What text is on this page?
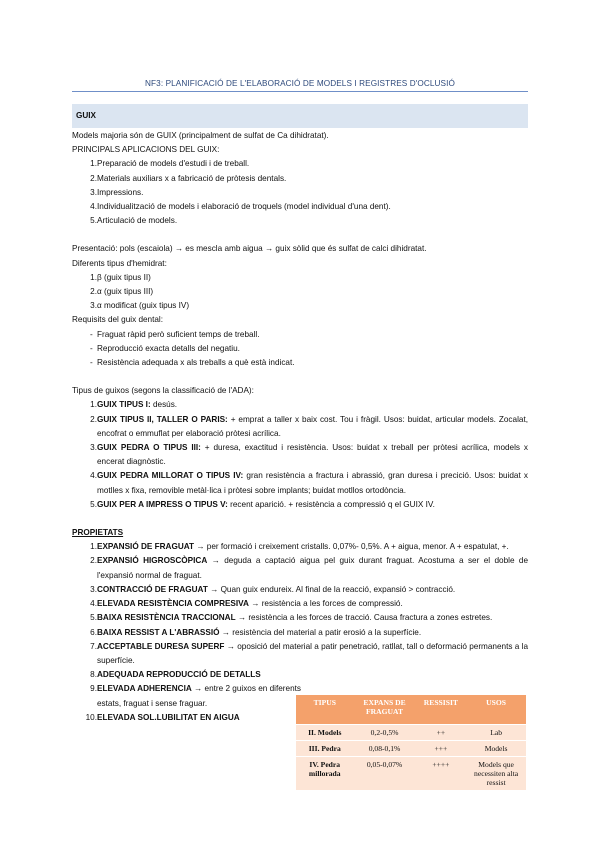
NF3: PLANIFICACIÓ DE L'ELABORACIÓ DE MODELS I REGISTRES D'OCLUSIÓ
GUIX

Models majoria són de GUIX (principalment de sulfat de Ca dihidratat).

PRINCIPALS APLICACIONS DEL GUIX:

1. Preparació de models d'estudi i de treball.
2. Materials auxiliars x a fabricació de pròtesis dentals.
3. Impressions.
4. Individualització de models i elaboració de troquels (model individual d'una dent).
5. Articulació de models.

Presentació: pols (escaiola) → es mescla amb aigua → guix sòlid que és sulfat de calci dihidratat.

Diferents tipus d'hemidrat:

1. β (guix tipus II)
2. α (guix tipus III)
3. α modificat (guix tipus IV)

Requisits del guix dental:

- Fraguat ràpid però suficient temps de treball.
- Reproducció exacta detalls del negatiu.
- Resistència adequada x als treballs a què està indicat.

Tipus de guixos (segons la classificació de l'ADA):

1. GUIX TIPUS I: desús.
2. GUIX TIPUS II, TALLER O PARIS: + emprat a taller x baix cost. Tou i fràgil. Usos: buidat, articular models. Zocalat, encofrat o emmuflat per elaboració pròtesi acrílica.
3. GUIX PEDRA O TIPUS III: + duresa, exactitud i resistència. Usos: buidat x treball per pròtesi acrílica, models x encerat diagnòstic.
4. GUIX PEDRA MILLORAT O TIPUS IV: gran resistència a fractura i abrassió, gran duresa i precició. Usos: buidat x motlles x fixa, removible metàl·lica i pròtesi sobre implants; buidat motllos ortodòncia.
5. GUIX PER A IMPRESS O TIPUS V: recent aparició. + resistència a compressió q el GUIX IV.

PROPIETATS

1. EXPANSIÓ DE FRAGUAT → per formació i creixement cristalls. 0,07%- 0,5%. A + aigua, menor. A + espatulat, +.
2. EXPANSIÓ HIGROSCÒPICA → deguda a captació aigua pel guix durant fraguat. Acostuma a ser el doble de l'expansió normal de fraguat.
3. CONTRACCIÓ DE FRAGUAT → Quan guix endureix. Al final de la reacció, expansió > contracció.
4. ELEVADA RESISTÈNCIA COMPRESIVA → resistència a les forces de compressió.
5. BAIXA RESISTÈNCIA TRACCIONAL → resistència a les forces de tracció. Causa fractura a zones estretes.
6. BAIXA RESSIST A L'ABRASSIÓ → resistència del material a patir erosió a la superfície.
7. ACCEPTABLE DURESA SUPERF → oposició del material a patir penetració, ratllat, tall o deformació permanents a la superfície.
8. ADEQUADA REPRODUCCIÓ DE DETALLS
9. ELEVADA ADHERENCIA → entre 2 guixos en diferents estats, fraguat i sense fraguar.
10. ELEVADA SOL.LUBILITAT EN AIGUA
TIPUS	EXPANS DE FRAGUAT	RESSISIT	USOS
II. Models	0,2-0,5%	++	Lab
III. Pedra	0,08-0,1%	+++	Models
IV. Pedra millorada	0,05-0,07%	++++	Models que necessiten alta ressist
